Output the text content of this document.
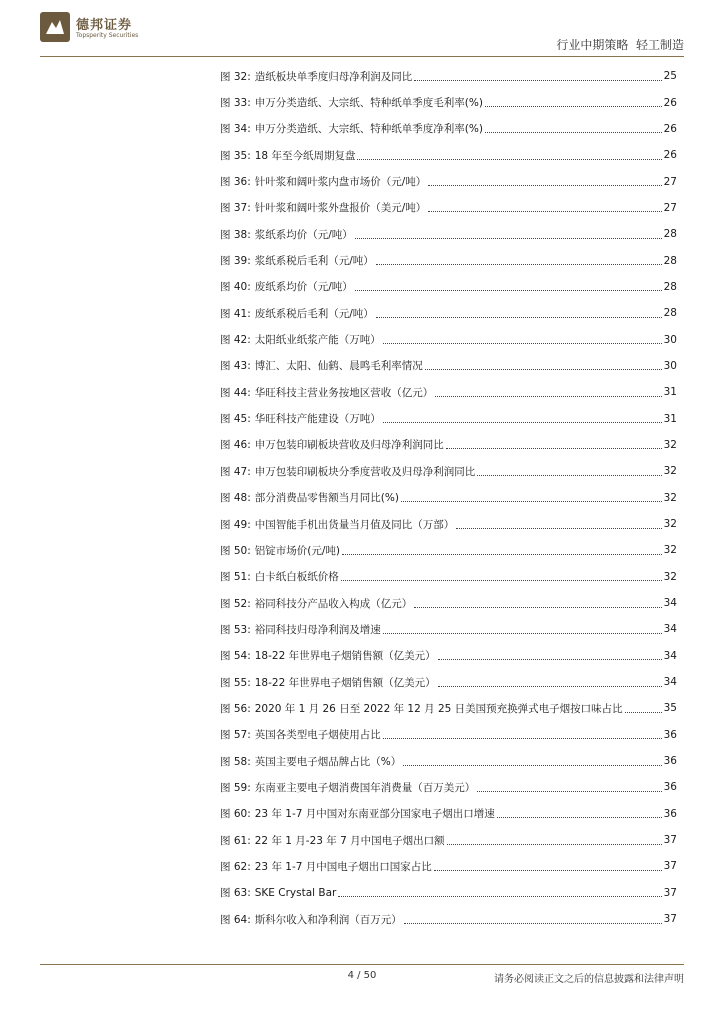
德邦证券
Topsperity Securities
行业中期策略  轻工制造
图 32: 造纸板块单季度归母净利润及同比	25
图 33: 申万分类造纸、大宗纸、特种纸单季度毛利率(%)	26
图 34: 申万分类造纸、大宗纸、特种纸单季度净利率(%)	26
图 35: 18 年至今纸周期复盘	26
图 36: 针叶浆和阔叶浆内盘市场价（元/吨）	27
图 37: 针叶浆和阔叶浆外盘报价（美元/吨）	27
图 38: 浆纸系均价（元/吨）	28
图 39: 浆纸系税后毛利（元/吨）	28
图 40: 废纸系均价（元/吨）	28
图 41: 废纸系税后毛利（元/吨）	28
图 42: 太阳纸业纸浆产能（万吨）	30
图 43: 博汇、太阳、仙鹤、晨鸣毛利率情况	30
图 44: 华旺科技主营业务按地区营收（亿元）	31
图 45: 华旺科技产能建设（万吨）	31
图 46: 申万包装印刷板块营收及归母净利润同比	32
图 47: 申万包装印刷板块分季度营收及归母净利润同比	32
图 48: 部分消费品零售额当月同比(%)	32
图 49: 中国智能手机出货量当月值及同比（万部）	32
图 50: 铝锭市场价(元/吨)	32
图 51: 白卡纸白板纸价格	32
图 52: 裕同科技分产品收入构成（亿元）	34
图 53: 裕同科技归母净利润及增速	34
图 54: 18-22 年世界电子烟销售额（亿美元）	34
图 55: 18-22 年世界电子烟销售额（亿美元）	34
图 56: 2020 年 1 月 26 日至 2022 年 12 月 25 日美国预充换弹式电子烟按口味占比	35
图 57: 英国各类型电子烟使用占比	36
图 58: 英国主要电子烟品牌占比（%）	36
图 59: 东南亚主要电子烟消费国年消费量（百万美元）	36
图 60: 23 年 1-7 月中国对东南亚部分国家电子烟出口增速	36
图 61: 22 年 1 月-23 年 7 月中国电子烟出口额	37
图 62: 23 年 1-7 月中国电子烟出口国家占比	37
图 63: SKE Crystal Bar	37
图 64: 斯科尔收入和净利润（百万元）	37
4 / 50	请务必阅读正文之后的信息披露和法律声明
